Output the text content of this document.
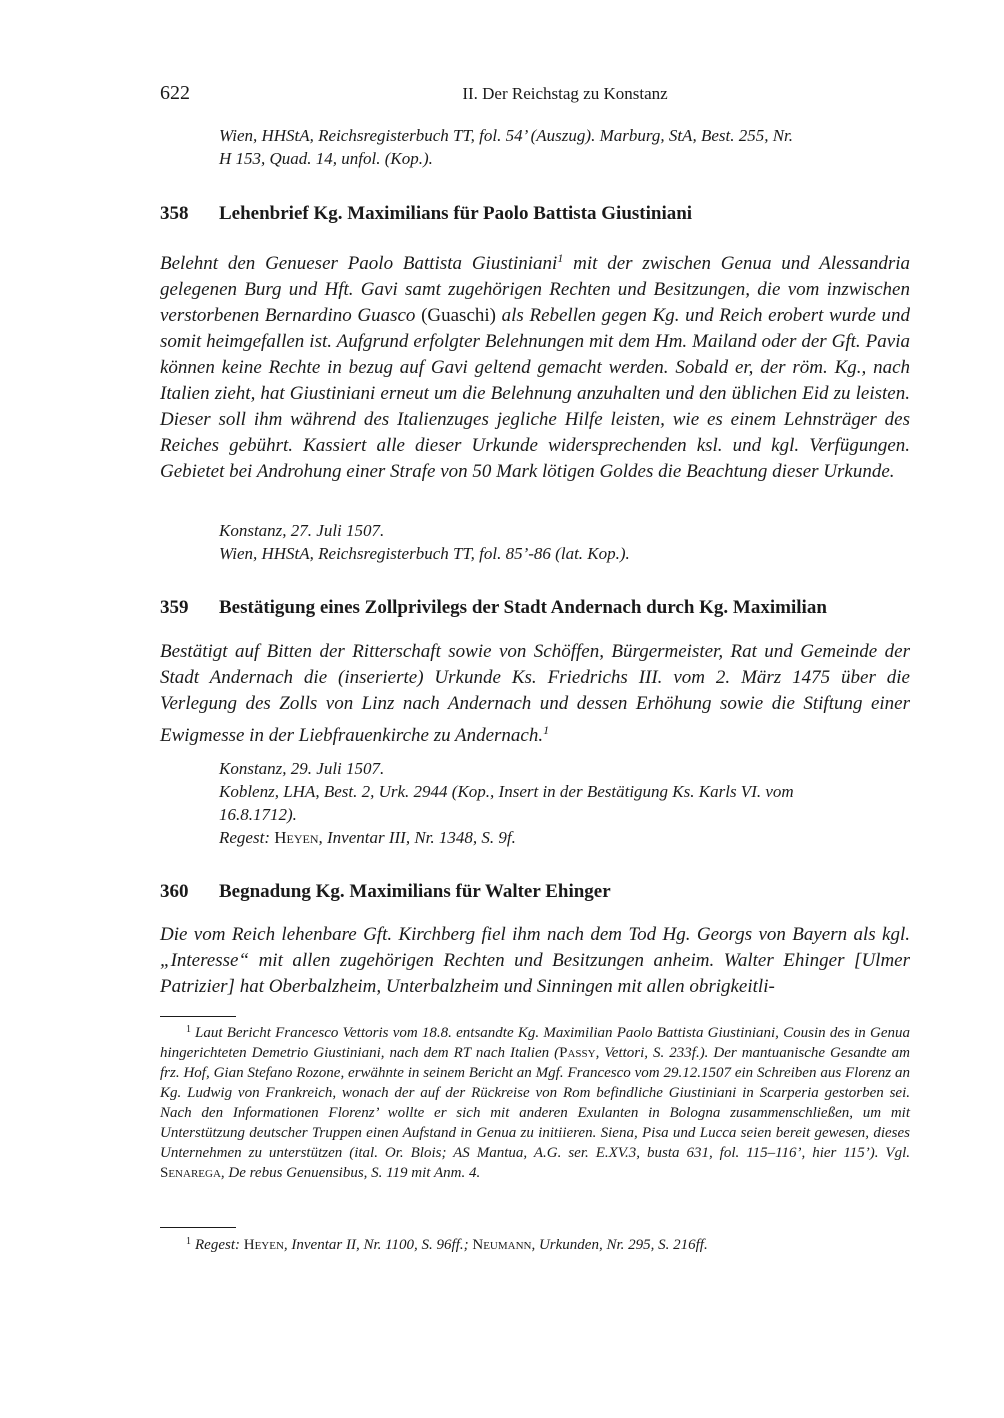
622	II. Der Reichstag zu Konstanz

Wien, HHStA, Reichsregisterbuch TT, fol. 54’ (Auszug). Marburg, StA, Best. 255, Nr.

H 153, Quad. 14, unfol. (Kop.).

358 Lehenbrief Kg. Maximilians für Paolo Battista Giustiniani

Belehnt den Genueser Paolo Battista Giustiniani$^1$ mit der zwischen Genua und Alessandria gelegenen Burg und Hft. Gavi samt zugehörigen Rechten und Besitzungen, die vom inzwischen verstorbenen Bernardino Guasco (Guaschi) als Rebellen gegen Kg. und Reich erobert wurde und somit heimgefallen ist. Aufgrund erfolgter Belehnungen mit dem Hm. Mailand oder der Gft. Pavia können keine Rechte in bezug auf Gavi geltend gemacht werden. Sobald er, der röm. Kg., nach Italien zieht, hat Giustiniani erneut um die Belehnung anzuhalten und den üblichen Eid zu leisten. Dieser soll ihm während des Italienzuges jegliche Hilfe leisten, wie es einem Lehnsträger des Reiches gebührt. Kassiert alle dieser Urkunde widersprechenden ksl. und kgl. Verfügungen. Gebietet bei Androhung einer Strafe von 50 Mark lötigen Goldes die Beachtung dieser Urkunde.

Konstanz, 27. Juli 1507.

Wien, HHStA, Reichsregisterbuch TT, fol. 85’-86 (lat. Kop.).

359 Bestätigung eines Zollprivilegs der Stadt Andernach durch Kg. Maximilian

Bestätigt auf Bitten der Ritterschaft sowie von Schöffen, Bürgermeister, Rat und Gemeinde der Stadt Andernach die (inserierte) Urkunde Ks. Friedrichs III. vom 2. März 1475 über die Verlegung des Zolls von Linz nach Andernach und dessen Erhöhung sowie die Stiftung einer Ewigmesse in der Liebfrauenkirche zu Andernach.$^1$

Konstanz, 29. Juli 1507.

Koblenz, LHA, Best. 2, Urk. 2944 (Kop., Insert in der Bestätigung Ks. Karls VI. vom

16.8.1712).

Regest: Heyen, Inventar III, Nr. 1348, S. 9f.

360 Begnadung Kg. Maximilians für Walter Ehinger

Die vom Reich lehenbare Gft. Kirchberg fiel ihm nach dem Tod Hg. Georgs von Bayern als kgl. „Interesse“ mit allen zugehörigen Rechten und Besitzungen anheim. Walter Ehinger [Ulmer Patrizier] hat Oberbalzheim, Unterbalzheim und Sinningen mit allen obrigkeitli-

$^1$ Laut Bericht Francesco Vettoris vom 18.8. entsandte Kg. Maximilian Paolo Battista Giustiniani, Cousin des in Genua hingerichteten Demetrio Giustiniani, nach dem RT nach Italien (Passy, Vettori, S. 233f.). Der mantuanische Gesandte am frz. Hof, Gian Stefano Rozone, erwähnte in seinem Bericht an Mgf. Francesco vom 29.12.1507 ein Schreiben aus Florenz an Kg. Ludwig von Frankreich, wonach der auf der Rückreise von Rom befindliche Giustiniani in Scarperia gestorben sei. Nach den Informationen Florenz’ wollte er sich mit anderen Exulanten in Bologna zusammenschließen, um mit Unterstützung deutscher Truppen einen Aufstand in Genua zu initiieren. Siena, Pisa und Lucca seien bereit gewesen, dieses Unternehmen zu unterstützen (ital. Or. Blois; AS Mantua, A.G. ser. E.XV.3, busta 631, fol. 115–116’, hier 115’). Vgl. Senarega, De rebus Genuensibus, S. 119 mit Anm. 4.

$^1$ Regest: Heyen, Inventar II, Nr. 1100, S. 96ff.; Neumann, Urkunden, Nr. 295, S. 216ff.
